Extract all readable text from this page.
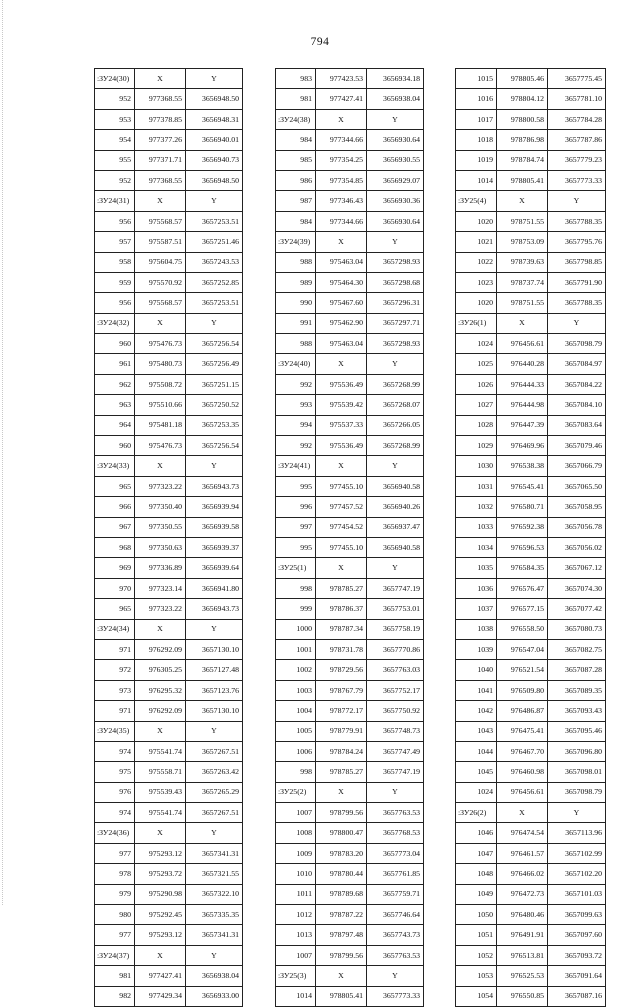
794
:ЗУ24(30)	X	Y
952	977368.55	3656948.50
953	977378.85	3656948.31
954	977377.26	3656940.01
955	977371.71	3656940.73
952	977368.55	3656948.50
:ЗУ24(31)	X	Y
956	975568.57	3657253.51
957	975587.51	3657251.46
958	975604.75	3657243.53
959	975570.92	3657252.85
956	975568.57	3657253.51
:ЗУ24(32)	X	Y
960	975476.73	3657256.54
961	975480.73	3657256.49
962	975508.72	3657251.15
963	975510.66	3657250.52
964	975481.18	3657253.35
960	975476.73	3657256.54
:ЗУ24(33)	X	Y
965	977323.22	3656943.73
966	977350.40	3656939.94
967	977350.55	3656939.58
968	977350.63	3656939.37
969	977336.89	3656939.64
970	977323.14	3656941.80
965	977323.22	3656943.73
:ЗУ24(34)	X	Y
971	976292.09	3657130.10
972	976305.25	3657127.48
973	976295.32	3657123.76
971	976292.09	3657130.10
:ЗУ24(35)	X	Y
974	975541.74	3657267.51
975	975558.71	3657263.42
976	975539.43	3657265.29
974	975541.74	3657267.51
:ЗУ24(36)	X	Y
977	975293.12	3657341.31
978	975293.72	3657321.55
979	975290.98	3657322.10
980	975292.45	3657335.35
977	975293.12	3657341.31
:ЗУ24(37)	X	Y
981	977427.41	3656938.04
982	977429.34	3656933.00
983	977423.53	3656934.18
981	977427.41	3656938.04
:ЗУ24(38)	X	Y
984	977344.66	3656930.64
985	977354.25	3656930.55
986	977354.85	3656929.07
987	977346.43	3656930.36
984	977344.66	3656930.64
:ЗУ24(39)	X	Y
988	975463.04	3657298.93
989	975464.30	3657298.68
990	975467.60	3657296.31
991	975462.90	3657297.71
988	975463.04	3657298.93
:ЗУ24(40)	X	Y
992	975536.49	3657268.99
993	975539.42	3657268.07
994	975537.33	3657266.05
992	975536.49	3657268.99
:ЗУ24(41)	X	Y
995	977455.10	3656940.58
996	977457.52	3656940.26
997	977454.52	3656937.47
995	977455.10	3656940.58
:ЗУ25(1)	X	Y
998	978785.27	3657747.19
999	978786.37	3657753.01
1000	978787.34	3657758.19
1001	978731.78	3657770.86
1002	978729.56	3657763.03
1003	978767.79	3657752.17
1004	978772.17	3657750.92
1005	978779.91	3657748.73
1006	978784.24	3657747.49
998	978785.27	3657747.19
:ЗУ25(2)	X	Y
1007	978799.56	3657763.53
1008	978800.47	3657768.53
1009	978783.20	3657773.04
1010	978780.44	3657761.85
1011	978789.68	3657759.71
1012	978787.22	3657746.64
1013	978797.48	3657743.73
1007	978799.56	3657763.53
:ЗУ25(3)	X	Y
1014	978805.41	3657773.33
1015	978805.46	3657775.45
1016	978804.12	3657781.10
1017	978800.58	3657784.28
1018	978786.98	3657787.86
1019	978784.74	3657779.23
1014	978805.41	3657773.33
:ЗУ25(4)	X	Y
1020	978751.55	3657788.35
1021	978753.09	3657795.76
1022	978739.63	3657798.85
1023	978737.74	3657791.90
1020	978751.55	3657788.35
:ЗУ26(1)	X	Y
1024	976456.61	3657098.79
1025	976440.28	3657084.97
1026	976444.33	3657084.22
1027	976444.98	3657084.10
1028	976447.39	3657083.64
1029	976469.96	3657079.46
1030	976538.38	3657066.79
1031	976545.41	3657065.50
1032	976580.71	3657058.95
1033	976592.38	3657056.78
1034	976596.53	3657056.02
1035	976584.35	3657067.12
1036	976576.47	3657074.30
1037	976577.15	3657077.42
1038	976558.50	3657080.73
1039	976547.04	3657082.75
1040	976521.54	3657087.28
1041	976509.80	3657089.35
1042	976486.87	3657093.43
1043	976475.41	3657095.46
1044	976467.70	3657096.80
1045	976460.98	3657098.01
1024	976456.61	3657098.79
:ЗУ26(2)	X	Y
1046	976474.54	3657113.96
1047	976461.57	3657102.99
1048	976466.02	3657102.20
1049	976472.73	3657101.03
1050	976480.46	3657099.63
1051	976491.91	3657097.60
1052	976513.81	3657093.72
1053	976525.53	3657091.64
1054	976550.85	3657087.16
